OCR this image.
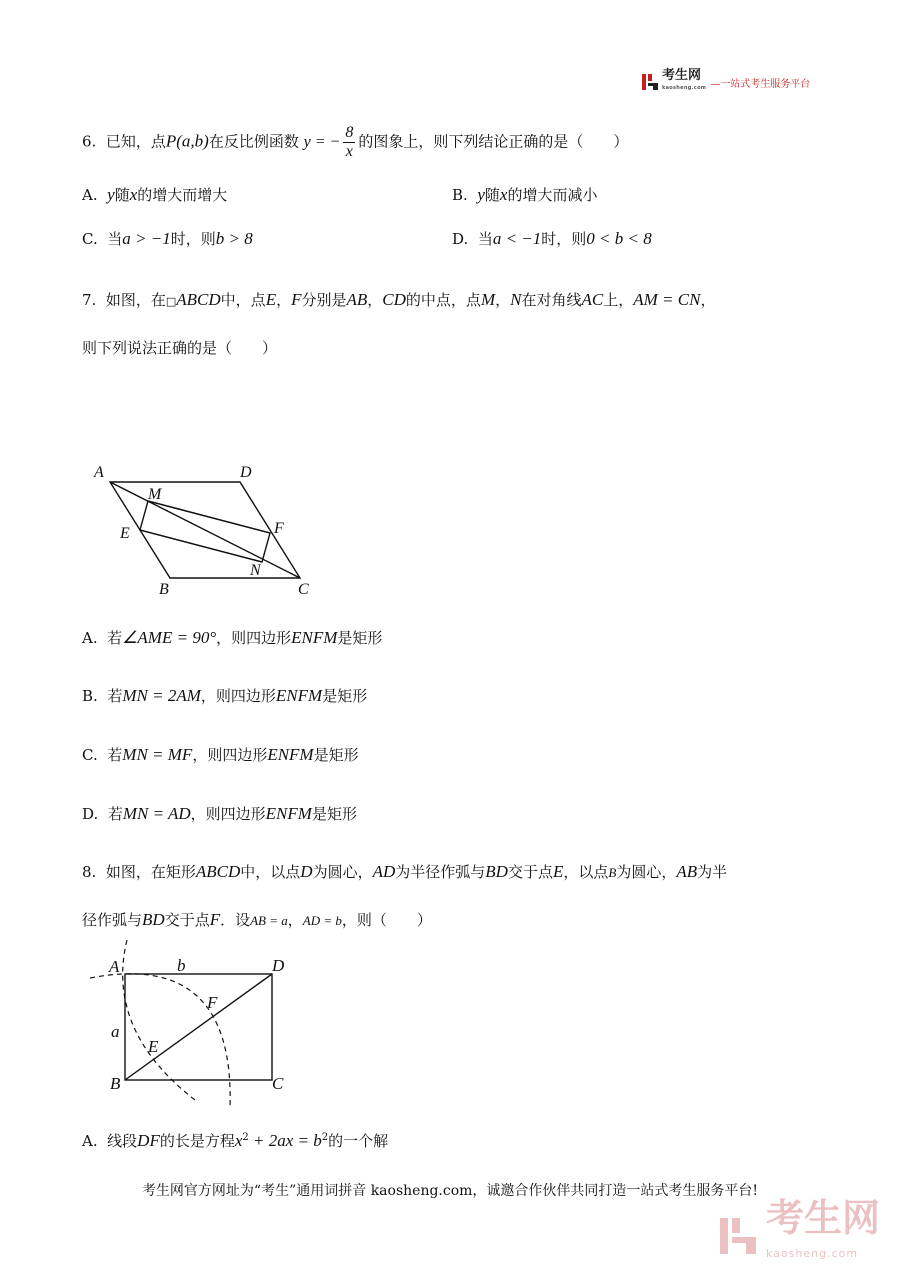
考生网
kaosheng.com —一站式考生服务平台
6. 已知，点P(a,b)在反比例函数 y = − $\frac{8}{x}$ 的图象上，则下列结论正确的是（　　）
A. y随x的增大而增大	B. y随x的增大而减小
C. 当a > −1时，则b > 8	D. 当a < −1时，则0 < b < 8
7. 如图，在□ABCD中，点E，F分别是AB，CD的中点，点M，N在对角线AC上，AM = CN，
则下列说法正确的是（　　）
A	D
M
F
E
N
B	C
A. 若∠AME = 90°，则四边形ENFM是矩形
B. 若MN = 2AM，则四边形ENFM是矩形
C. 若MN = MF，则四边形ENFM是矩形
D. 若MN = AD，则四边形ENFM是矩形
8. 如图，在矩形ABCD中，以点D为圆心，AD为半径作弧与BD交于点E，以点B为圆心，AB为半
径作弧与BD交于点F．设AB = a，AD = b，则（　　）
A	b	D
F
a
E
B	C
A. 线段DF的长是方程$x^2 + 2ax = b^2$的一个解
考生网官方网址为“考生”通用词拼音 kaosheng.com，诚邀合作伙伴共同打造一站式考生服务平台!
考生网
kaosheng.com
